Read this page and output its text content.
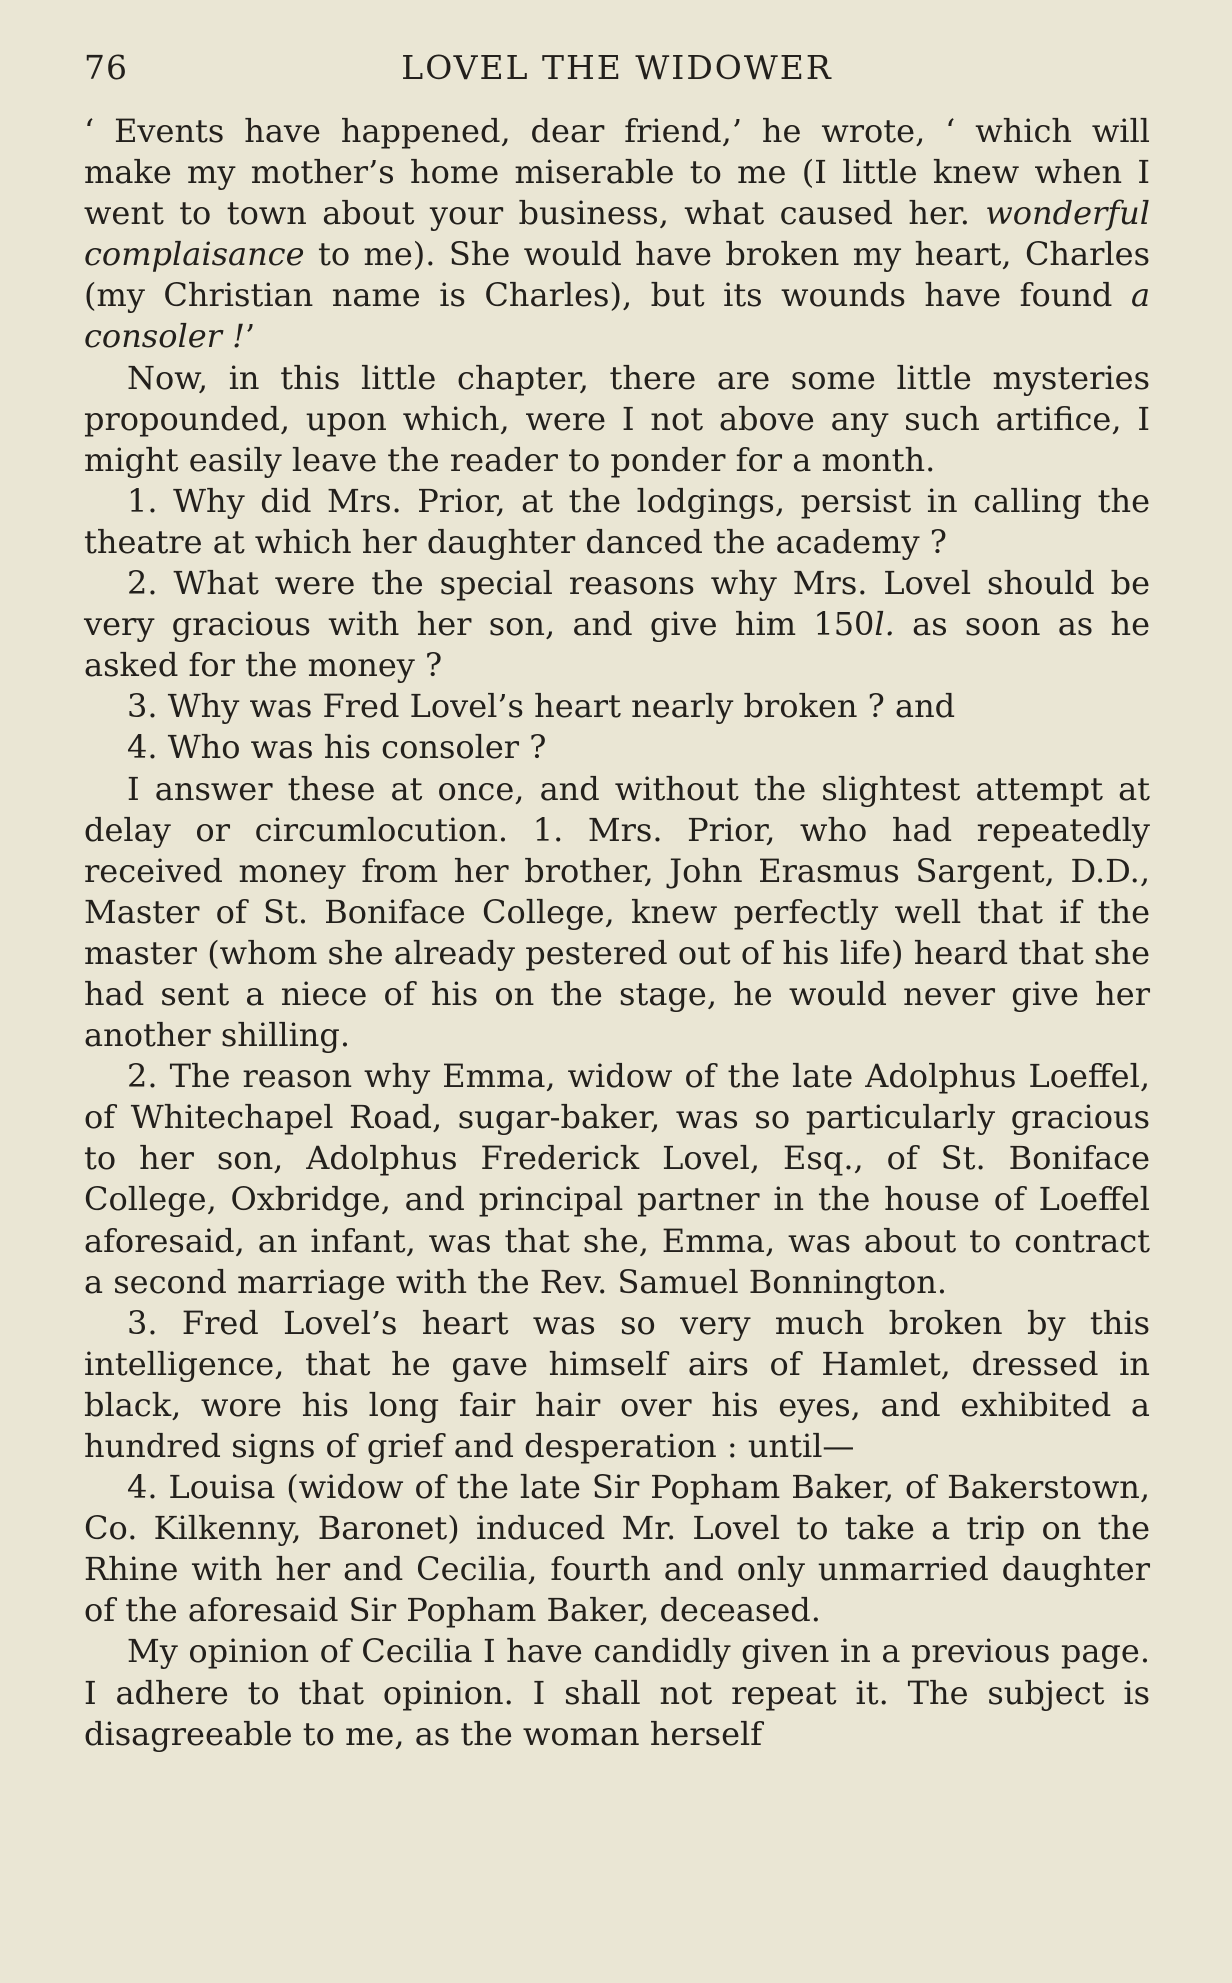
76	LOVEL THE WIDOWER

‘ Events have happened, dear friend,’ he wrote, ‘ which will make my mother’s home miserable to me (I little knew when I went to town about your business, what caused her. wonderful complaisance to me). She would have broken my heart, Charles (my Christian name is Charles), but its wounds have found a consoler !’

Now, in this little chapter, there are some little mysteries propounded, upon which, were I not above any such artifice, I might easily leave the reader to ponder for a month.

1. Why did Mrs. Prior, at the lodgings, persist in calling the theatre at which her daughter danced the academy ?

2. What were the special reasons why Mrs. Lovel should be very gracious with her son, and give him 150l. as soon as he asked for the money ?

3. Why was Fred Lovel’s heart nearly broken ? and

4. Who was his consoler ?

I answer these at once, and without the slightest attempt at delay or circumlocution. 1. Mrs. Prior, who had repeatedly received money from her brother, John Erasmus Sargent, D.D., Master of St. Boniface College, knew perfectly well that if the master (whom she already pestered out of his life) heard that she had sent a niece of his on the stage, he would never give her another shilling.

2. The reason why Emma, widow of the late Adolphus Loeffel, of Whitechapel Road, sugar-baker, was so particularly gracious to her son, Adolphus Frederick Lovel, Esq., of St. Boniface College, Oxbridge, and principal partner in the house of Loeffel aforesaid, an infant, was that she, Emma, was about to contract a second marriage with the Rev. Samuel Bonnington.

3. Fred Lovel’s heart was so very much broken by this intelligence, that he gave himself airs of Hamlet, dressed in black, wore his long fair hair over his eyes, and exhibited a hundred signs of grief and desperation : until—

4. Louisa (widow of the late Sir Popham Baker, of Bakerstown, Co. Kilkenny, Baronet) induced Mr. Lovel to take a trip on the Rhine with her and Cecilia, fourth and only unmarried daughter of the aforesaid Sir Popham Baker, deceased.

My opinion of Cecilia I have candidly given in a previous page. I adhere to that opinion. I shall not repeat it. The subject is disagreeable to me, as the woman herself
